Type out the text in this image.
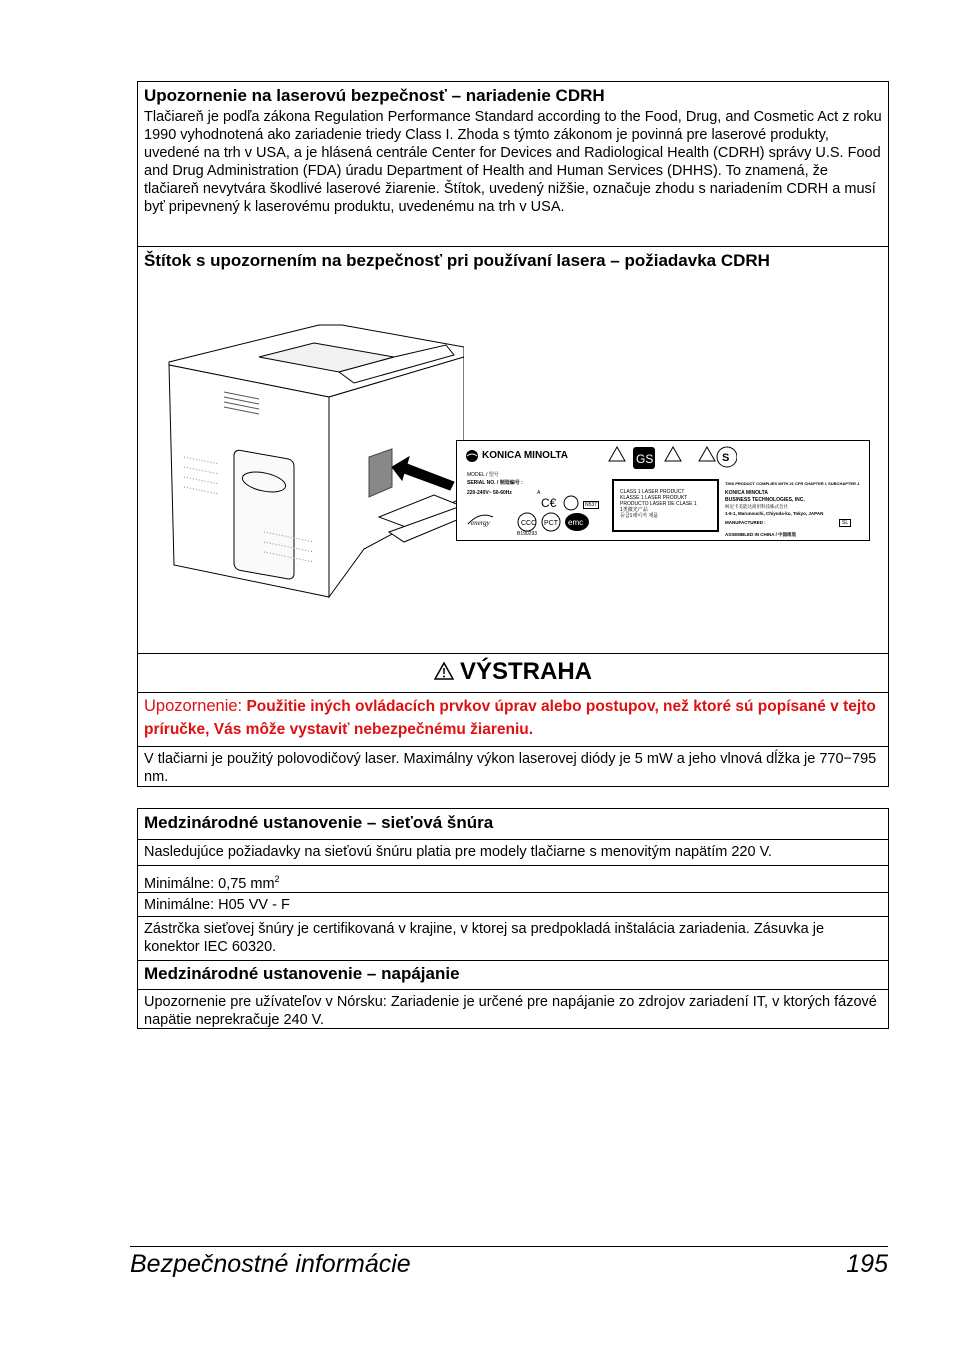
Upozornenie na laserovú bezpečnosť – nariadenie CDRH
Tlačiareň je podľa zákona Regulation Performance Standard according to the Food, Drug, and Cosmetic Act z roku 1990 vyhodnotená ako zariadenie triedy Class I. Zhoda s týmto zákonom je povinná pre laserové produkty, uvedené na trh v USA, a je hlásená centrále Center for Devices and Radiological Health (CDRH) správy U.S. Food and Drug Administration (FDA) úradu Department of Health and Human Services (DHHS). To znamená, že tlačiareň nevytvára škodlivé laserové žiarenie. Štítok, uvedený nižšie, označuje zhodu s nariadením CDRH a musí byť pripevnený k laserovému produktu, uvedenému na trh v USA.
Štítok s upozornením na bezpečnosť pri používaní lasera – požiadavka CDRH
KONICA MINOLTA
MODEL / 型号
SERIAL NO. / 制造编号 :
220-240V~ 50-60Hz	A
energy	CCC PCT emc
C€	N537
B190293
GS	S
CLASS 1 LASER PRODUCT
KLASSE 1 LASER PRODUKT
PRODUCTO LASER DE CLASE 1
1类激光产品
등급1레이저 제품
THIS PRODUCT COMPLIES WITH 21 CFR CHAPTER I, SUBCHAPTER J.
KONICA MINOLTA
BUSINESS TECHNOLOGIES, INC.
柯尼卡美能达商用科技株式会社
1-6-1, Marunouchi, Chiyoda-ku, Tokyo, JAPAN
MANUFACTURED :	SL
ASSEMBLED IN CHINA / 中国组装
VÝSTRAHA
Upozornenie: Použitie iných ovládacích prvkov úprav alebo postupov, než ktoré sú popísané v tejto príručke, Vás môže vystaviť nebezpečnému žiareniu.
V tlačiarni je použitý polovodičový laser. Maximálny výkon laserovej diódy je 5 mW a jeho vlnová dĺžka je 770−795 nm.
Medzinárodné ustanovenie – sieťová šnúra
Nasledujúce požiadavky na sieťovú šnúru platia pre modely tlačiarne s menovitým napätím 220 V.
Minimálne: 0,75 $mm^2$
Minimálne: H05 VV - F
Zástrčka sieťovej šnúry je certifikovaná v krajine, v ktorej sa predpokladá inštalácia zariadenia. Zásuvka je konektor IEC 60320.
Medzinárodné ustanovenie – napájanie
Upozornenie pre užívateľov v Nórsku: Zariadenie je určené pre napájanie zo zdrojov zariadení IT, v ktorých fázové napätie neprekračuje 240 V.
Bezpečnostné informácie	195
